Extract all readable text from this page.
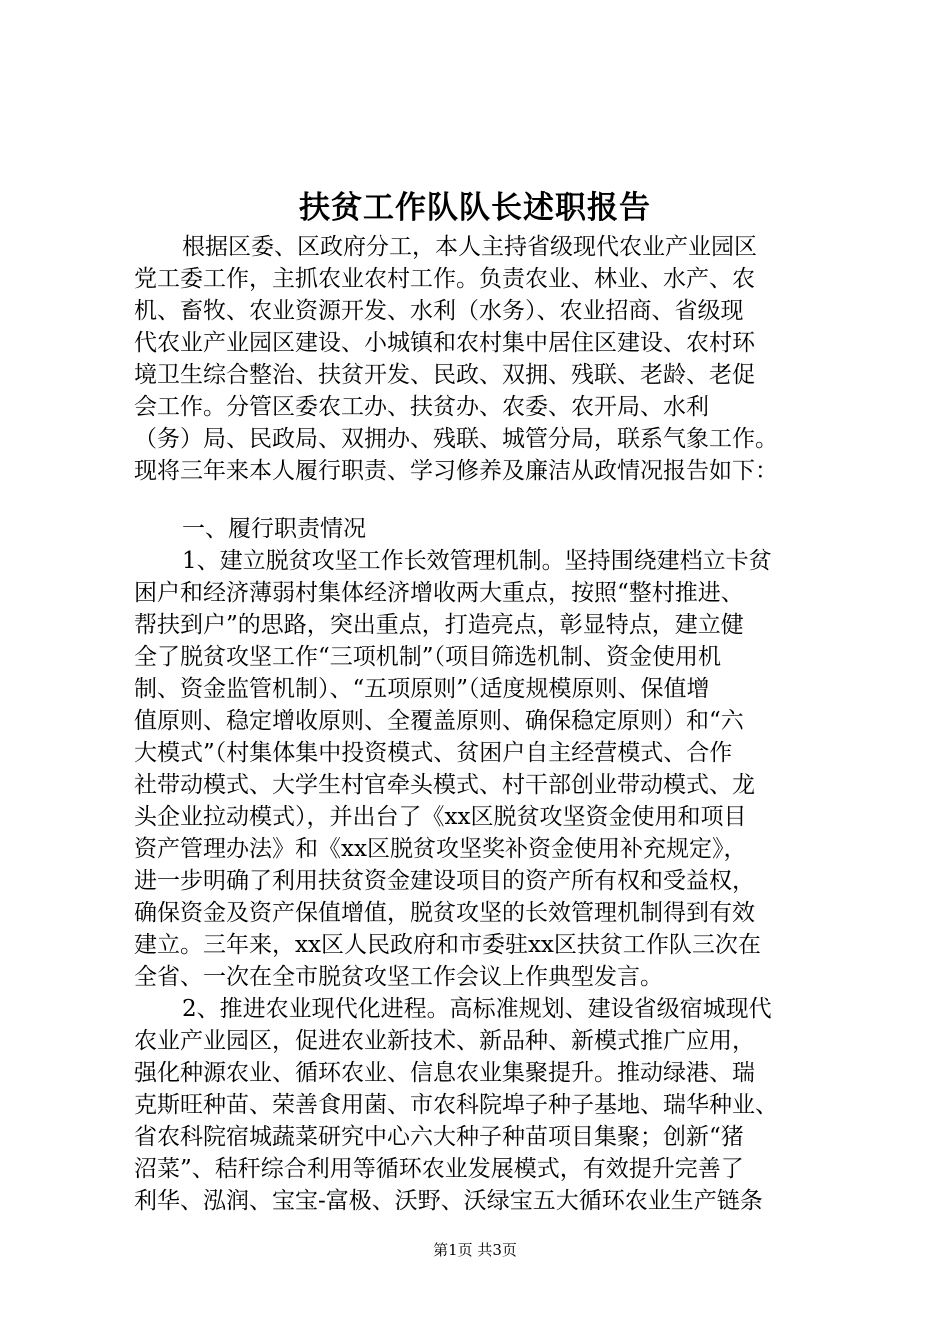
扶贫工作队队长述职报告
根据区委、区政府分工，本人主持省级现代农业产业园区
党工委工作，主抓农业农村工作。负责农业、林业、水产、农
机、畜牧、农业资源开发、水利（水务）、农业招商、省级现
代农业产业园区建设、小城镇和农村集中居住区建设、农村环
境卫生综合整治、扶贫开发、民政、双拥、残联、老龄、老促
会工作。分管区委农工办、扶贫办、农委、农开局、水利
（务）局、民政局、双拥办、残联、城管分局，联系气象工作。
现将三年来本人履行职责、学习修养及廉洁从政情况报告如下：
一、履行职责情况
1、建立脱贫攻坚工作长效管理机制。坚持围绕建档立卡贫
困户和经济薄弱村集体经济增收两大重点，按照“整村推进、
帮扶到户”的思路，突出重点，打造亮点，彰显特点，建立健
全了脱贫攻坚工作“三项机制”（项目筛选机制、资金使用机
制、资金监管机制）、“五项原则”（适度规模原则、保值增
值原则、稳定增收原则、全覆盖原则、确保稳定原则）和“六
大模式”（村集体集中投资模式、贫困户自主经营模式、合作
社带动模式、大学生村官牵头模式、村干部创业带动模式、龙
头企业拉动模式），并出台了《xx区脱贫攻坚资金使用和项目
资产管理办法》和《xx区脱贫攻坚奖补资金使用补充规定》，
进一步明确了利用扶贫资金建设项目的资产所有权和受益权，
确保资金及资产保值增值，脱贫攻坚的长效管理机制得到有效
建立。三年来，xx区人民政府和市委驻xx区扶贫工作队三次在
全省、一次在全市脱贫攻坚工作会议上作典型发言。
2、推进农业现代化进程。高标准规划、建设省级宿城现代
农业产业园区，促进农业新技术、新品种、新模式推广应用，
强化种源农业、循环农业、信息农业集聚提升。推动绿港、瑞
克斯旺种苗、荣善食用菌、市农科院埠子种子基地、瑞华种业、
省农科院宿城蔬菜研究中心六大种子种苗项目集聚；创新“猪
沼菜”、秸秆综合利用等循环农业发展模式，有效提升完善了
利华、泓润、宝宝-富极、沃野、沃绿宝五大循环农业生产链条
第1页 共3页
